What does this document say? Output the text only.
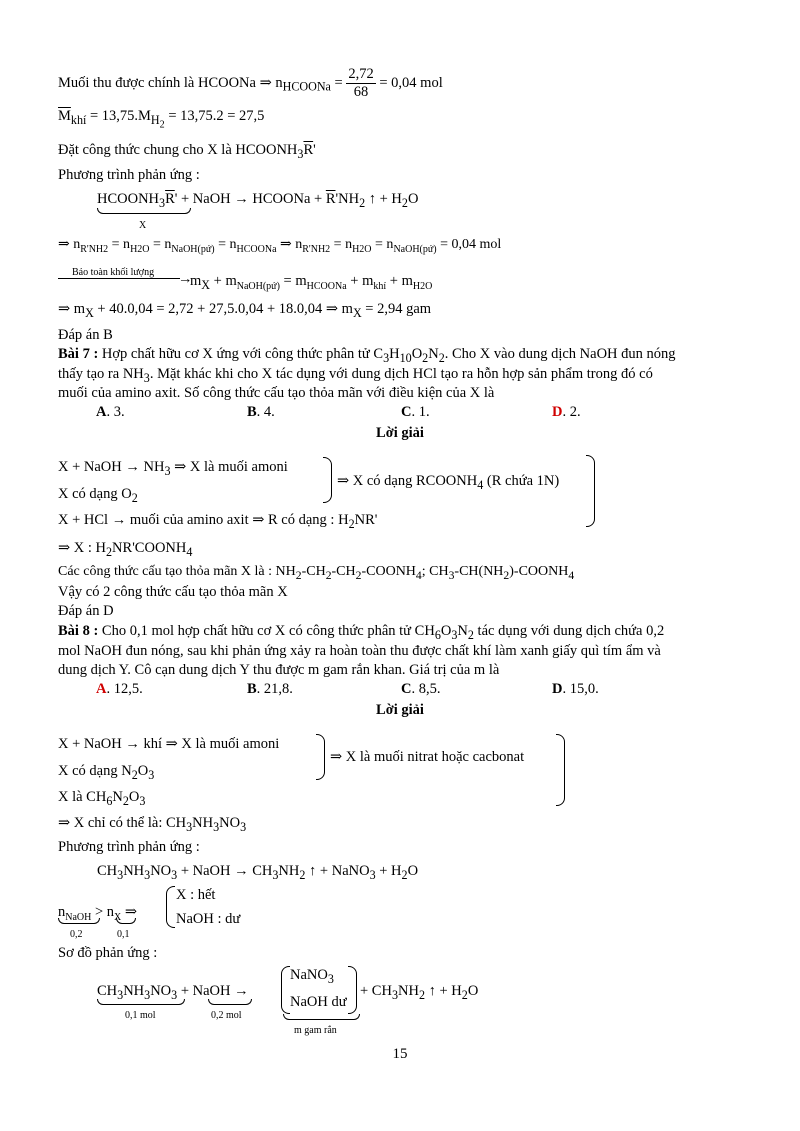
Muối thu được chính là HCOONa ⇒ $n_{HCOONa} = \frac{2,72}{68} = 0,04$ mol
$\overline{M}_{khí} = 13,75.M_{H_2} = 13,75.2 = 27,5$
Đặt công thức chung cho X là $HCOONH_3\overline{R}'$
Phương trình phản ứng :
$HCOONH_3\overline{R}'$ + NaOH → HCOONa + $\overline{R}'NH_2$ ↑ + $H_2O$
X
⇒ $n_{R'NH2} = n_{H2O} = n_{NaOH(pứ)} = n_{HCOONa}$ ⇒ $n_{R'NH2} = n_{H2O} = n_{NaOH(pứ)} = 0,04$ mol
Bảo toàn khối lượng →
$m_X + m_{NaOH(pứ)} = m_{HCOONa} + m_{khí} + m_{H2O}$
⇒ $m_X + 40.0,04 = 2,72 + 27,5.0,04 + 18.0,04$ ⇒ $m_X = 2,94$ gam
Đáp án B
Bài 7 : Hợp chất hữu cơ X ứng với công thức phân tử $C_3H_{10}O_2N_2$. Cho X vào dung dịch NaOH đun nóng
thấy tạo ra $NH_3$. Mặt khác khi cho X tác dụng với dung dịch HCl tạo ra hỗn hợp sản phẩm trong đó có
muối của amino axit. Số công thức cấu tạo thỏa mãn với điều kiện của X là
A. 3.	B. 4.	C. 1.	D. 2.
Lời giải
X + NaOH → $NH_3$ ⇒ X là muối amoni
X có dạng $O_2$
⇒ X có dạng $RCOONH_4$ (R chứa 1N)
X + HCl → muối của amino axit ⇒ R có dạng : $H_2NR'$
⇒ X : $H_2NR'COONH_4$
Các công thức cấu tạo thỏa mãn X là : $NH_2-CH_2-CH_2-COONH_4$; $CH_3-CH(NH_2)-COONH_4$
Vậy có 2 công thức cấu tạo thỏa mãn X
Đáp án D
Bài 8 : Cho 0,1 mol hợp chất hữu cơ X có công thức phân tử $CH_6O_3N_2$ tác dụng với dung dịch chứa 0,2
mol NaOH đun nóng, sau khi phản ứng xảy ra hoàn toàn thu được chất khí làm xanh giấy quì tím ẩm và
dung dịch Y. Cô cạn dung dịch Y thu được m gam rắn khan. Giá trị của m là
A. 12,5.	B. 21,8.	C. 8,5.	D. 15,0.
Lời giải
X + NaOH → khí ⇒ X là muối amoni
X có dạng $N_2O_3$
⇒ X là muối nitrat hoặc cacbonat
X là $CH_6N_2O_3$
⇒ X chỉ có thể là: $CH_3NH_3NO_3$
Phương trình phản ứng :
$CH_3NH_3NO_3$ + NaOH → $CH_3NH_2$ ↑ + NaNO$_3$ + $H_2O$
$n_{NaOH} > n_X$ ⇒
0,2	0,1
X : hết
NaOH : dư
Sơ đồ phản ứng :
$CH_3NH_3NO_3$ + NaOH →
0,1 mol	0,2 mol
NaNO$_3$
NaOH dư
m gam rắn
+ $CH_3NH_2$ ↑ + $H_2O$
15
